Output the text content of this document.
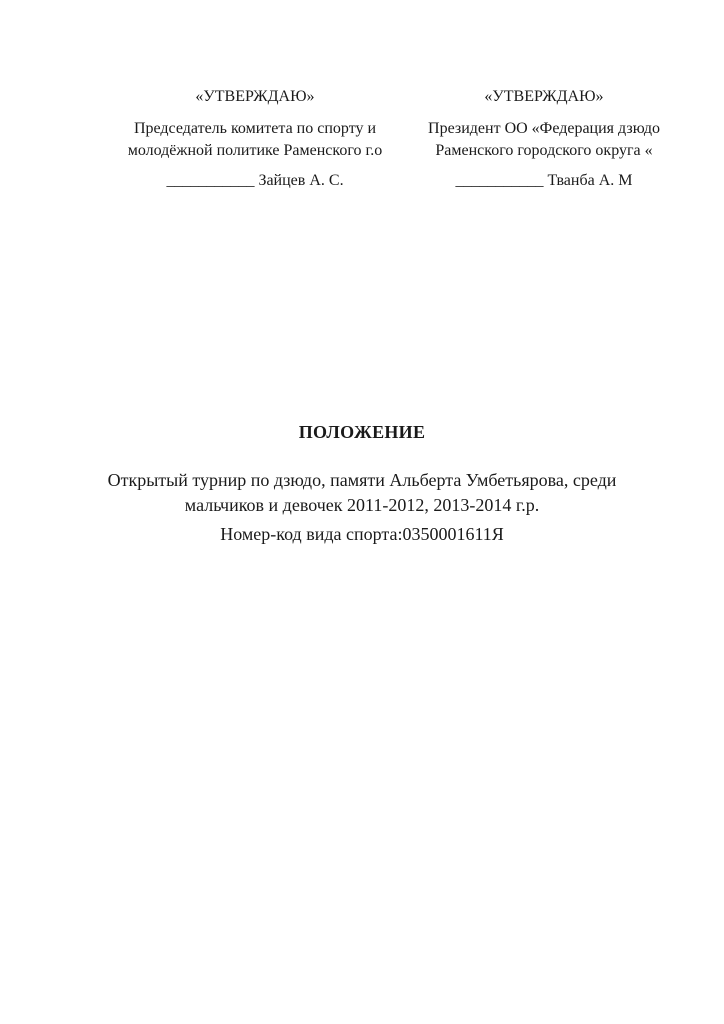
«УТВЕРЖДАЮ»
Председатель комитета по спорту и
молодёжной политике Раменского г.о
___________ Зайцев А. С.
«УТВЕРЖДАЮ»
Президент ОО «Федерация дзюдо
Раменского городского округа «
___________ Тванба А. М
ПОЛОЖЕНИЕ
Открытый турнир по дзюдо, памяти Альберта Умбетьярова, среди
мальчиков и девочек 2011-2012, 2013-2014 г.р.
Номер-код вида спорта:0350001611Я
